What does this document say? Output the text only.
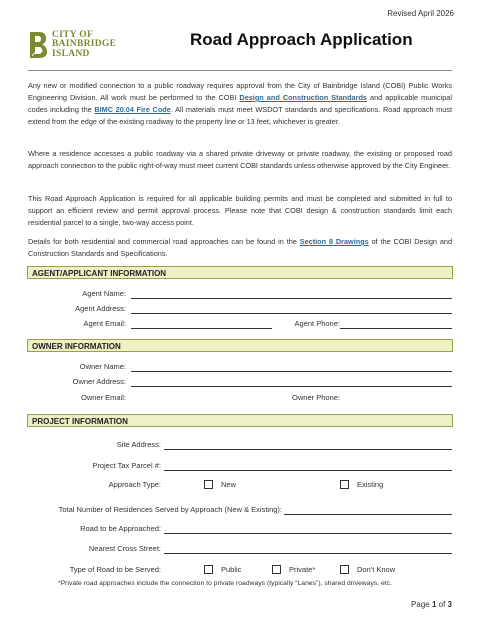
Revised April 2026
CITY OF
BAINBRIDGE
ISLAND
Road Approach Application
Any new or modified connection to a public roadway requires approval from the City of Bainbridge Island (COBI) Public Works Engineering Division. All work must be performed to the COBI Design and Construction Standards and applicable municipal codes including the BIMC 20.04 Fire Code. All materials must meet WSDOT standards and specifications. Road approach must extend from the edge of the existing roadway to the property line or 13 feet, whichever is greater.
Where a residence accesses a public roadway via a shared private driveway or private roadway, the existing or proposed road approach connection to the public right-of-way must meet current COBI standards unless otherwise approved by the City Engineer.
This Road Approach Application is required for all applicable building permits and must be completed and submitted in full to support an efficient review and permit approval process. Please note that COBI design & construction standards limit each residential parcel to a single, two-way access point.
Details for both residential and commercial road approaches can be found in the Section 8 Drawings of the COBI Design and Construction Standards and Specifications.
AGENT/APPLICANT INFORMATION
Agent Name:
Agent Address:
Agent Email:	Agent Phone:
OWNER INFORMATION
Owner Name:
Owner Address:
Owner Email:	Owner Phone:
PROJECT INFORMATION
Site Address:
Project Tax Parcel #:
Approach Type:	New	Existing
Total Number of Residences Served by Approach (New & Existing):
Road to be Approached:
Nearest Cross Street:
Type of Road to be Served:	Public	Private*	Don't Know
*Private road approaches include the connection to private roadways (typically “Lanes”), shared driveways, etc.
Page 1 of 3
